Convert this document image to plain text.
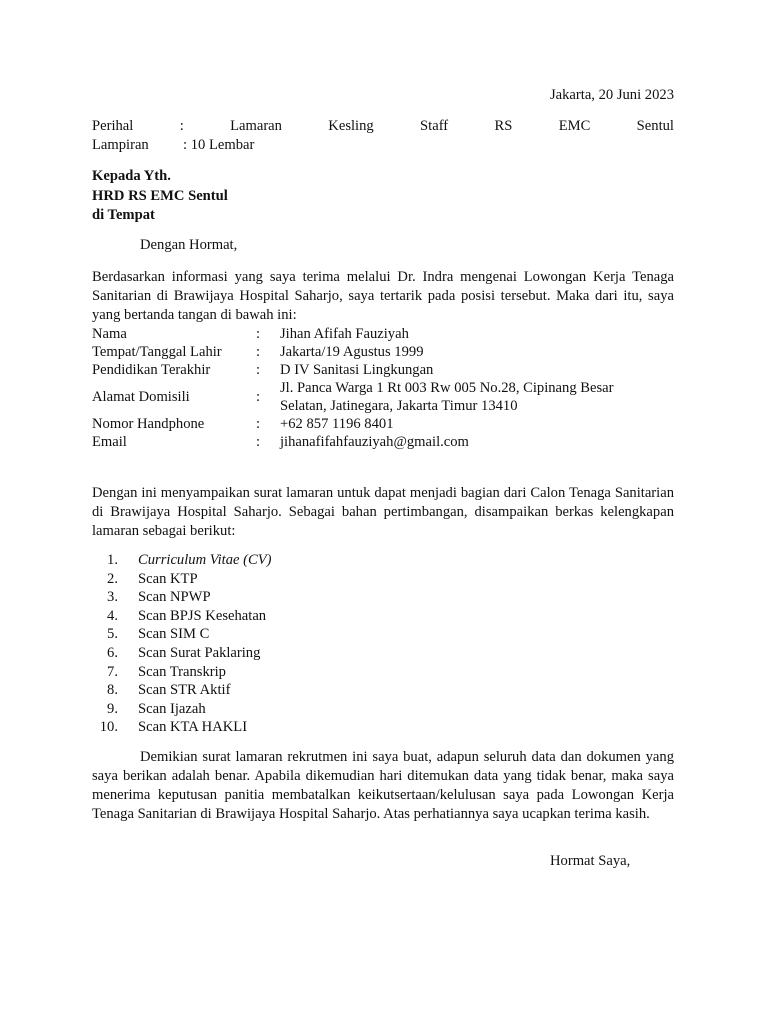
Jakarta, 20 Juni 2023
Perihal	:	Lamaran	Kesling	Staff	RS	EMC	Sentul
Lampiran : 10 Lembar
Kepada Yth.
HRD RS EMC Sentul
di Tempat
Dengan Hormat,
Berdasarkan informasi yang saya terima melalui Dr. Indra mengenai Lowongan Kerja Tenaga Sanitarian di Brawijaya Hospital Saharjo, saya tertarik pada posisi tersebut. Maka dari itu, saya yang bertanda tangan di bawah ini:
Nama	:	Jihan Afifah Fauziyah
Tempat/Tanggal Lahir	:	Jakarta/19 Agustus 1999
Pendidikan Terakhir	:	D IV Sanitasi Lingkungan
Alamat Domisili	:	Jl. Panca Warga 1 Rt 003 Rw 005 No.28, Cipinang Besar
Selatan, Jatinegara, Jakarta Timur 13410

Nomor Handphone	:	+62 857 1196 8401
Email	:	jihanafifahfauziyah@gmail.com
Dengan ini menyampaikan surat lamaran untuk dapat menjadi bagian dari Calon Tenaga Sanitarian di Brawijaya Hospital Saharjo. Sebagai bahan pertimbangan, disampaikan berkas kelengkapan lamaran sebagai berikut:
1. Curriculum Vitae (CV)
2. Scan KTP
3. Scan NPWP
4. Scan BPJS Kesehatan
5. Scan SIM C
6. Scan Surat Paklaring
7. Scan Transkrip
8. Scan STR Aktif
9. Scan Ijazah
10. Scan KTA HAKLI
Demikian surat lamaran rekrutmen ini saya buat, adapun seluruh data dan dokumen yang saya berikan adalah benar. Apabila dikemudian hari ditemukan data yang tidak benar, maka saya menerima keputusan panitia membatalkan keikutsertaan/kelulusan saya pada Lowongan Kerja Tenaga Sanitarian di Brawijaya Hospital Saharjo. Atas perhatiannya saya ucapkan terima kasih.
Hormat Saya,
